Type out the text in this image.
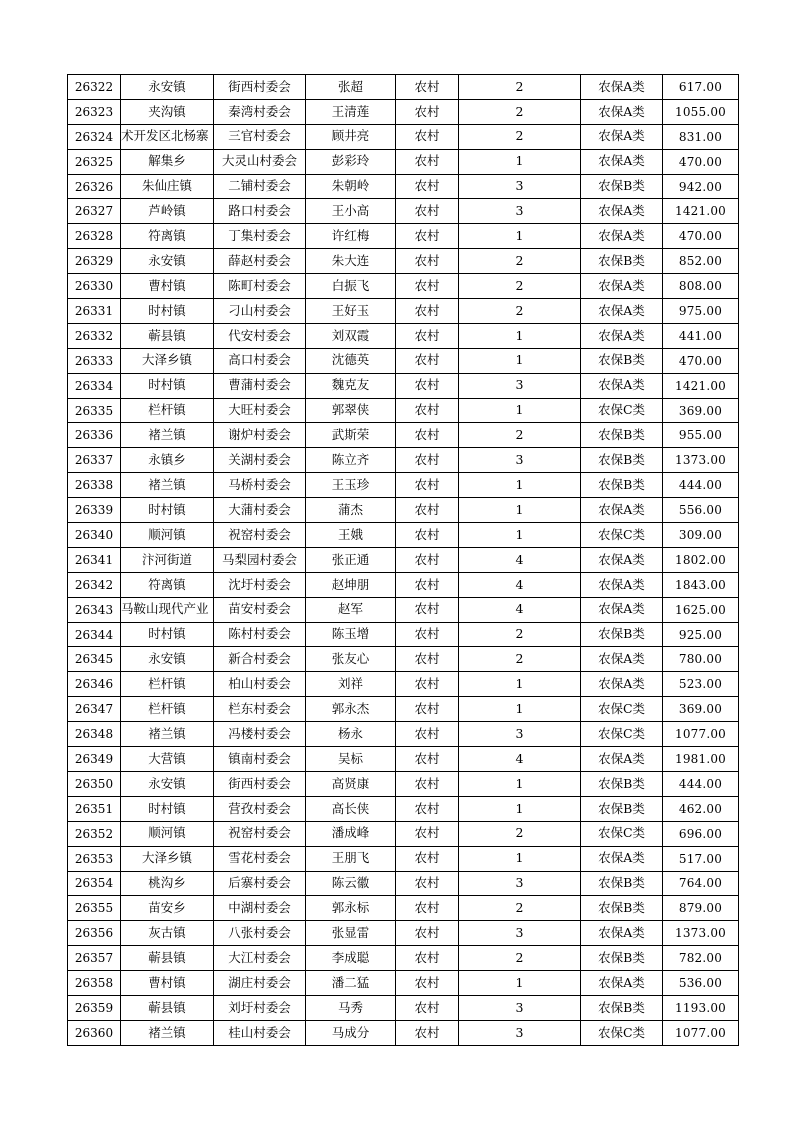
26322	永安镇	街西村委会	张超	农村	2	农保A类	617.00
26323	夹沟镇	秦湾村委会	王清莲	农村	2	农保A类	1055.00
26324	术开发区北杨寨	三官村委会	顾井亮	农村	2	农保A类	831.00
26325	解集乡	大灵山村委会	彭彩玲	农村	1	农保A类	470.00
26326	朱仙庄镇	二铺村委会	朱朝岭	农村	3	农保B类	942.00
26327	芦岭镇	路口村委会	王小高	农村	3	农保A类	1421.00
26328	符离镇	丁集村委会	许红梅	农村	1	农保A类	470.00
26329	永安镇	薛赵村委会	朱大连	农村	2	农保B类	852.00
26330	曹村镇	陈町村委会	白振飞	农村	2	农保A类	808.00
26331	时村镇	刁山村委会	王好玉	农村	2	农保A类	975.00
26332	蕲县镇	代安村委会	刘双霞	农村	1	农保A类	441.00
26333	大泽乡镇	高口村委会	沈德英	农村	1	农保B类	470.00
26334	时村镇	曹蒲村委会	魏克友	农村	3	农保A类	1421.00
26335	栏杆镇	大旺村委会	郭翠侠	农村	1	农保C类	369.00
26336	褚兰镇	谢炉村委会	武斯荣	农村	2	农保B类	955.00
26337	永镇乡	关湖村委会	陈立齐	农村	3	农保B类	1373.00
26338	褚兰镇	马桥村委会	王玉珍	农村	1	农保B类	444.00
26339	时村镇	大蒲村委会	蒲杰	农村	1	农保A类	556.00
26340	顺河镇	祝窑村委会	王娥	农村	1	农保C类	309.00
26341	汴河街道	马梨园村委会	张正通	农村	4	农保A类	1802.00
26342	符离镇	沈圩村委会	赵坤朋	农村	4	农保A类	1843.00
26343	马鞍山现代产业	苗安村委会	赵军	农村	4	农保A类	1625.00
26344	时村镇	陈村村委会	陈玉增	农村	2	农保B类	925.00
26345	永安镇	新合村委会	张友心	农村	2	农保A类	780.00
26346	栏杆镇	柏山村委会	刘祥	农村	1	农保A类	523.00
26347	栏杆镇	栏东村委会	郭永杰	农村	1	农保C类	369.00
26348	褚兰镇	冯楼村委会	杨永	农村	3	农保C类	1077.00
26349	大营镇	镇南村委会	吴标	农村	4	农保A类	1981.00
26350	永安镇	街西村委会	高贤康	农村	1	农保B类	444.00
26351	时村镇	营孜村委会	高长侠	农村	1	农保B类	462.00
26352	顺河镇	祝窑村委会	潘成峰	农村	2	农保C类	696.00
26353	大泽乡镇	雪花村委会	王朋飞	农村	1	农保A类	517.00
26354	桃沟乡	后寨村委会	陈云徽	农村	3	农保B类	764.00
26355	苗安乡	中湖村委会	郭永标	农村	2	农保B类	879.00
26356	灰古镇	八张村委会	张显雷	农村	3	农保A类	1373.00
26357	蕲县镇	大江村委会	李成聪	农村	2	农保B类	782.00
26358	曹村镇	湖庄村委会	潘二猛	农村	1	农保A类	536.00
26359	蕲县镇	刘圩村委会	马秀	农村	3	农保B类	1193.00
26360	褚兰镇	桂山村委会	马成分	农村	3	农保C类	1077.00
